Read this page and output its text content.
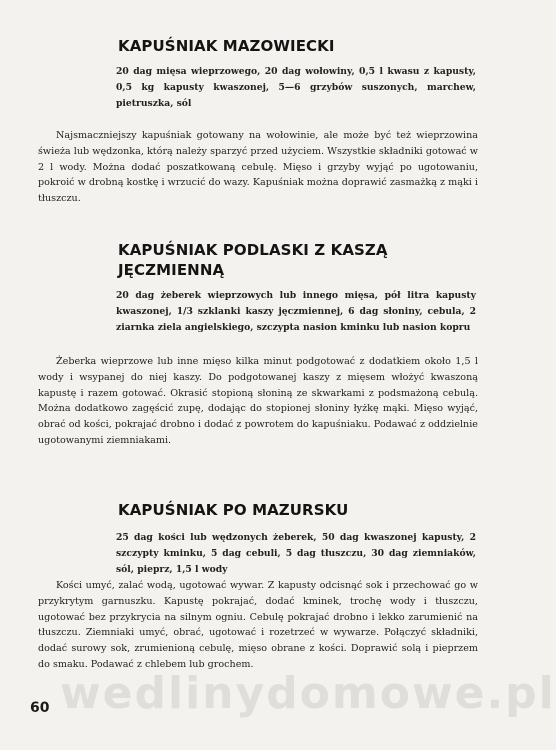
wedlinydomowe.pl
KAPUŚNIAK MAZOWIECKI

20 dag mięsa wieprzowego, 20 dag wołowiny, 0,5 l kwasu z kapusty, 0,5 kg kapusty kwaszonej, 5—6 grzybów suszonych, marchew, pietruszka, sól

Najsmaczniejszy kapuśniak gotowany na wołowinie, ale może być też wieprzowina świeża lub wędzonka, którą należy sparzyć przed użyciem. Wszystkie składniki gotować w 2 l wody. Można dodać poszatkowaną cebulę. Mięso i grzyby wyjąć po ugotowaniu, pokroić w drobną kostkę i wrzucić do wazy. Kapuśniak można doprawić zasmażką z mąki i tłuszczu.

KAPUŚNIAK PODLASKI Z KASZĄ JĘCZMIENNĄ

20 dag żeberek wieprzowych lub innego mięsa, pół litra kapusty kwaszonej, 1/3 szklanki kaszy jęczmiennej, 6 dag słoniny, cebula, 2 ziarnka ziela angielskiego, szczypta nasion kminku lub nasion kopru

Żeberka wieprzowe lub inne mięso kilka minut podgotować z dodatkiem około 1,5 l wody i wsypanej do niej kaszy. Do podgotowanej kaszy z mięsem włożyć kwaszoną kapustę i razem gotować. Okrasić stopioną słoniną ze skwarkami z podsmażoną cebulą. Można dodatkowo zagęścić zupę, dodając do stopionej słoniny łyżkę mąki. Mięso wyjąć, obrać od kości, pokrajać drobno i dodać z powrotem do kapuśniaku. Podawać z oddzielnie ugotowanymi ziemniakami.

KAPUŚNIAK PO MAZURSKU

25 dag kości lub wędzonych żeberek, 50 dag kwaszonej kapusty, 2 szczypty kminku, 5 dag cebuli, 5 dag tłuszczu, 30 dag ziemniaków, sól, pieprz, 1,5 l wody

Kości umyć, zalać wodą, ugotować wywar. Z kapusty odcisnąć sok i przechować go w przykrytym garnuszku. Kapustę pokrajać, dodać kminek, trochę wody i tłuszczu, ugotować bez przykrycia na silnym ogniu. Cebulę pokrajać drobno i lekko zarumienić na tłuszczu. Ziemniaki umyć, obrać, ugotować i rozetrzeć w wywarze. Połączyć składniki, dodać surowy sok, zrumienioną cebulę, mięso obrane z kości. Doprawić solą i pieprzem do smaku. Podawać z chlebem lub grochem.

60
